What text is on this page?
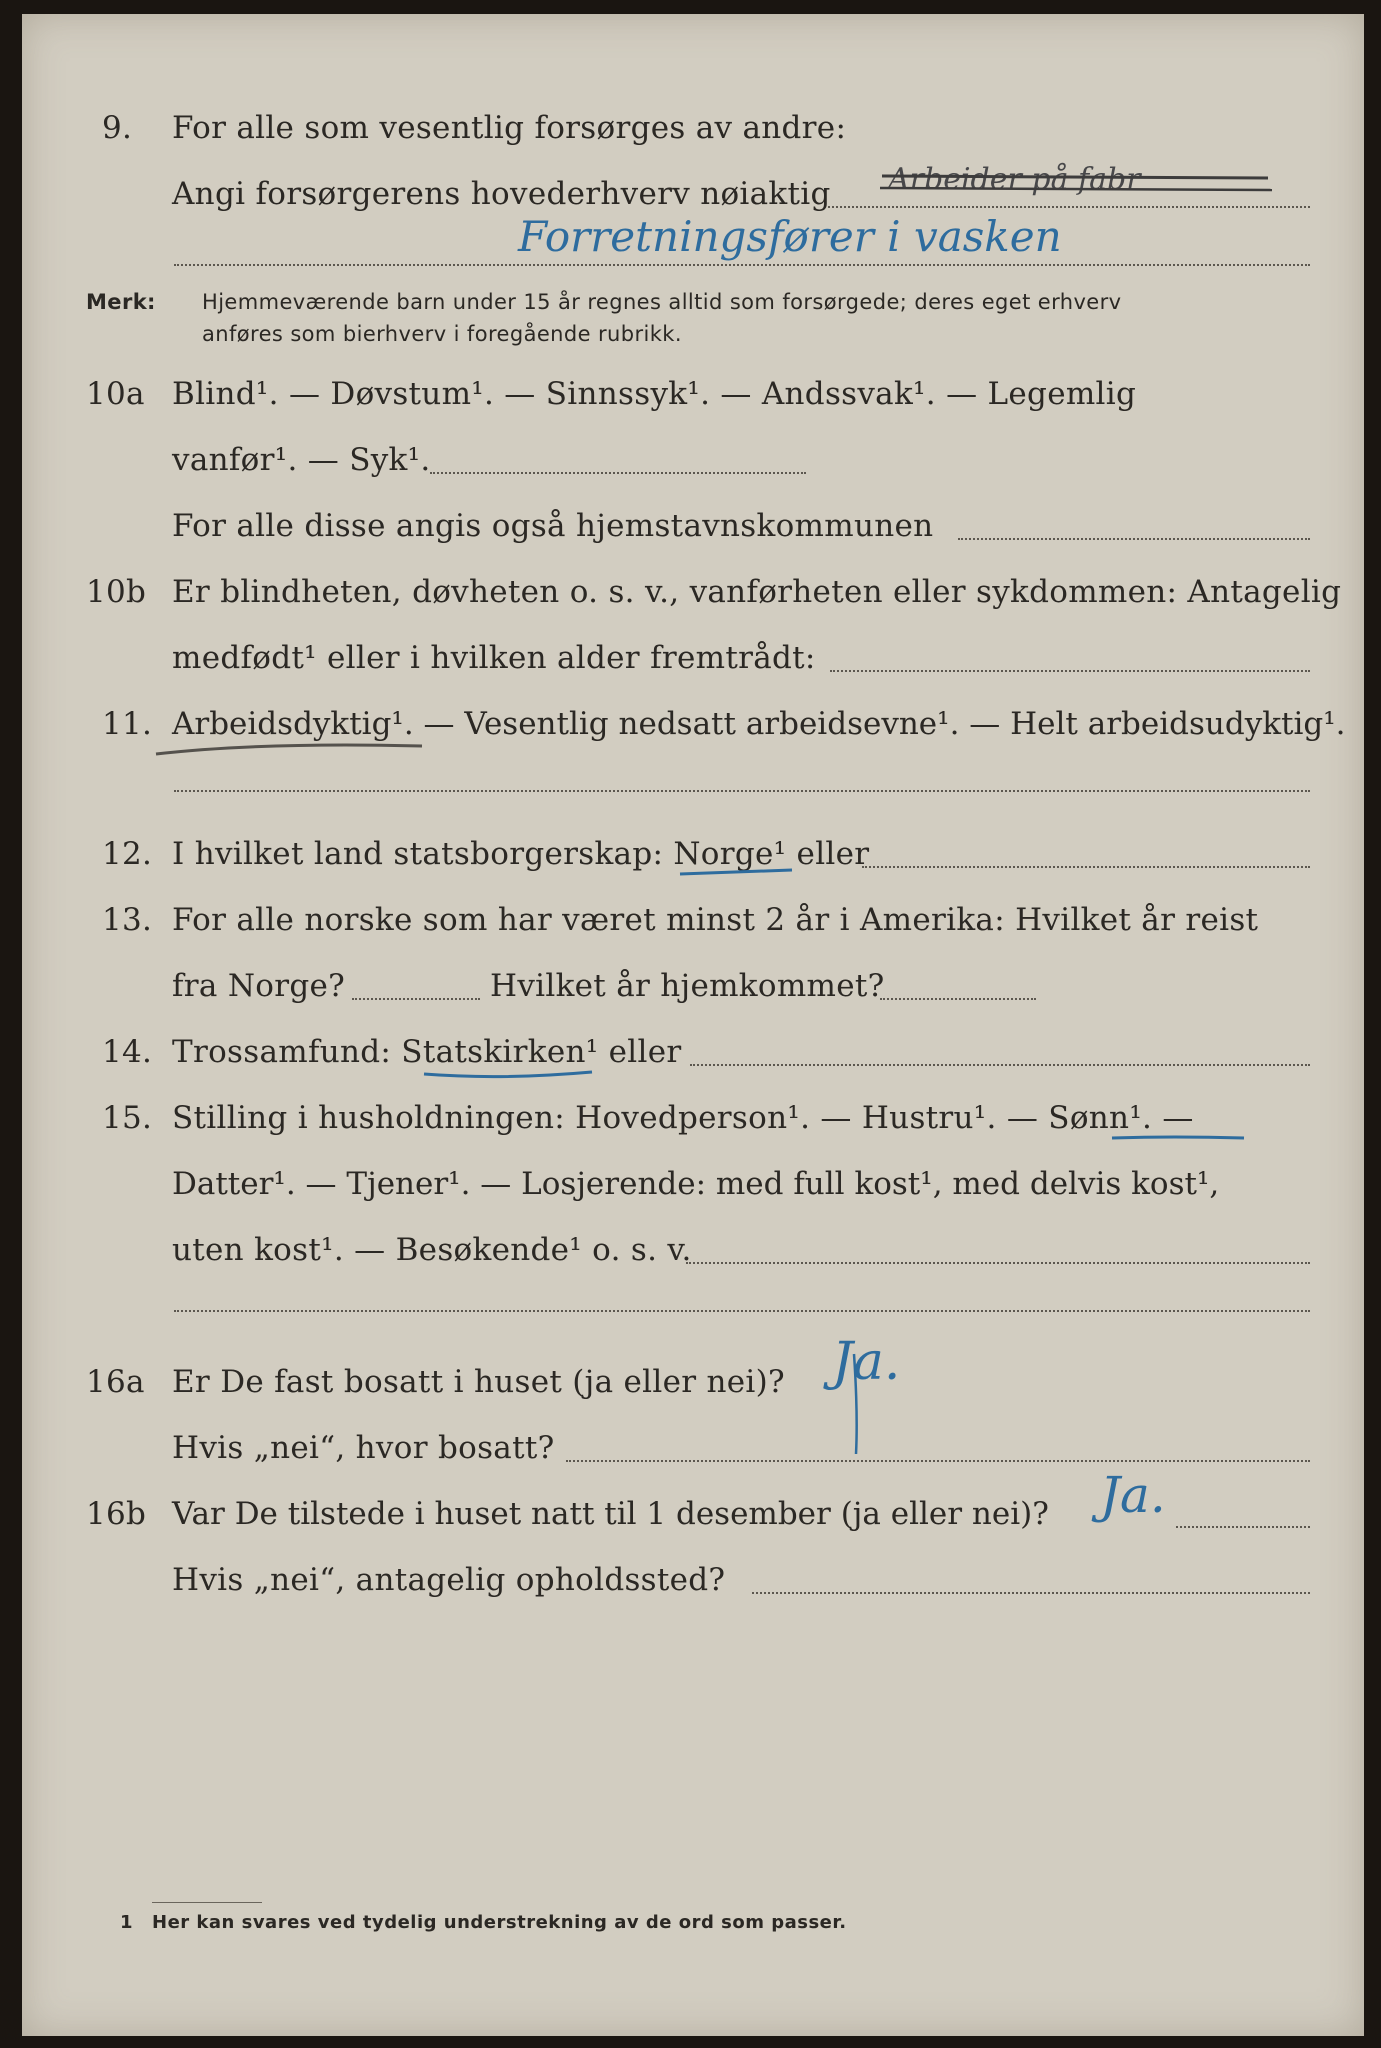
9. For alle som vesentlig forsørges av andre:
Angi forsørgerens hovederhverv nøiaktig Arbeider på fabr
Forretningsfører i vasken
Merk: Hjemmeværende barn under 15 år regnes alltid som forsørgede; deres eget erhverv
anføres som bierhverv i foregående rubrikk.
10a Blind¹. — Døvstum¹. — Sinnssyk¹. — Andssvak¹. — Legemlig
vanfør¹. — Syk¹.
For alle disse angis også hjemstavnskommunen
10b Er blindheten, døvheten o. s. v., vanførheten eller sykdommen: Antagelig
medfødt¹ eller i hvilken alder fremtrådt:
11. Arbeidsdyktig¹. — Vesentlig nedsatt arbeidsevne¹. — Helt arbeidsudyktig¹.
12. I hvilket land statsborgerskap: Norge¹ eller
13. For alle norske som har været minst 2 år i Amerika: Hvilket år reist
fra Norge?	Hvilket år hjemkommet?
14. Trossamfund: Statskirken¹ eller
15. Stilling i husholdningen: Hovedperson¹. — Hustru¹. — Sønn¹. —
Datter¹. — Tjener¹. — Losjerende: med full kost¹, med delvis kost¹,
uten kost¹. — Besøkende¹ o. s. v.
16a Er De fast bosatt i huset (ja eller nei)? Ja.
Hvis „nei“, hvor bosatt?
16b Var De tilstede i huset natt til 1 desember (ja eller nei)? Ja.
Hvis „nei“, antagelig opholdssted?
1 Her kan svares ved tydelig understrekning av de ord som passer.
